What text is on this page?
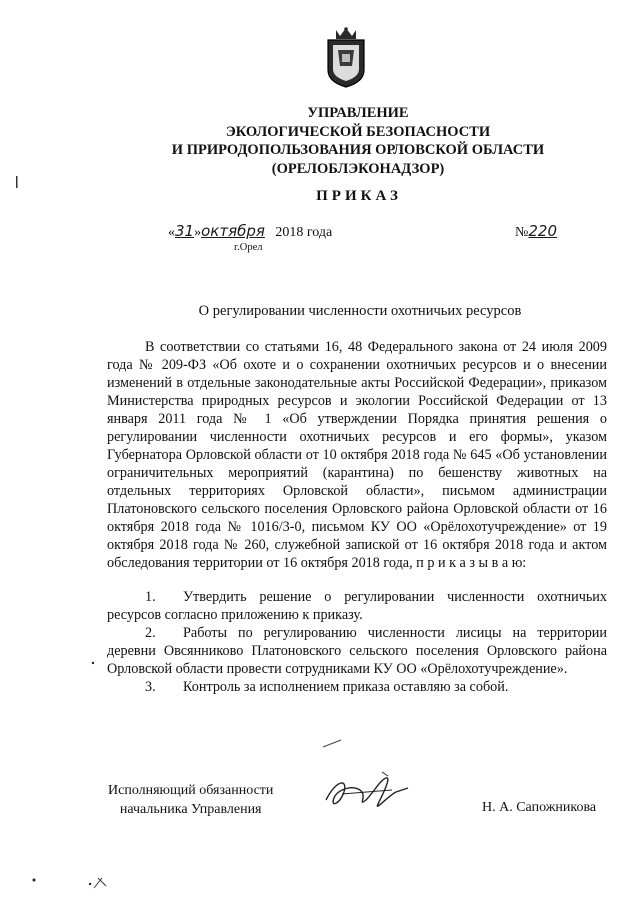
УПРАВЛЕНИЕ
ЭКОЛОГИЧЕСКОЙ БЕЗОПАСНОСТИ
И ПРИРОДОПОЛЬЗОВАНИЯ ОРЛОВСКОЙ ОБЛАСТИ
(ОРЕЛОБЛЭКОНАДЗОР)
ПРИКАЗ
«31»октября 2018 года
г.Орел
№220
О регулировании численности охотничьих ресурсов

В соответствии со статьями 16, 48 Федерального закона от 24 июля 2009 года № 209-ФЗ «Об охоте и о сохранении охотничьих ресурсов и о внесении изменений в отдельные законодательные акты Российской Федерации», приказом Министерства природных ресурсов и экологии Российской Федерации от 13 января 2011 года № 1 «Об утверждении Порядка принятия решения о регулировании численности охотничьих ресурсов и его формы», указом Губернатора Орловской области от 10 октября 2018 года № 645 «Об установлении ограничительных мероприятий (карантина) по бешенству животных на отдельных территориях Орловской области», письмом администрации Платоновского сельского поселения Орловского района Орловской области от 16 октября 2018 года № 1016/3-0, письмом КУ ОО «Орёлохотучреждение» от 19 октября 2018 года № 260, служебной запиской от 16 октября 2018 года и актом обследования территории от 16 октября 2018 года, п р и к а з ы в а ю:

1. Утвердить решение о регулировании численности охотничьих ресурсов согласно приложению к приказу.

2. Работы по регулированию численности лисицы на территории деревни Овсянниково Платоновского сельского поселения Орловского района Орловской области провести сотрудниками КУ ОО «Орёлохотучреждение».

3. Контроль за исполнением приказа оставляю за собой.

Исполняющий обязанности
начальника Управления	Н. А. Сапожникова
